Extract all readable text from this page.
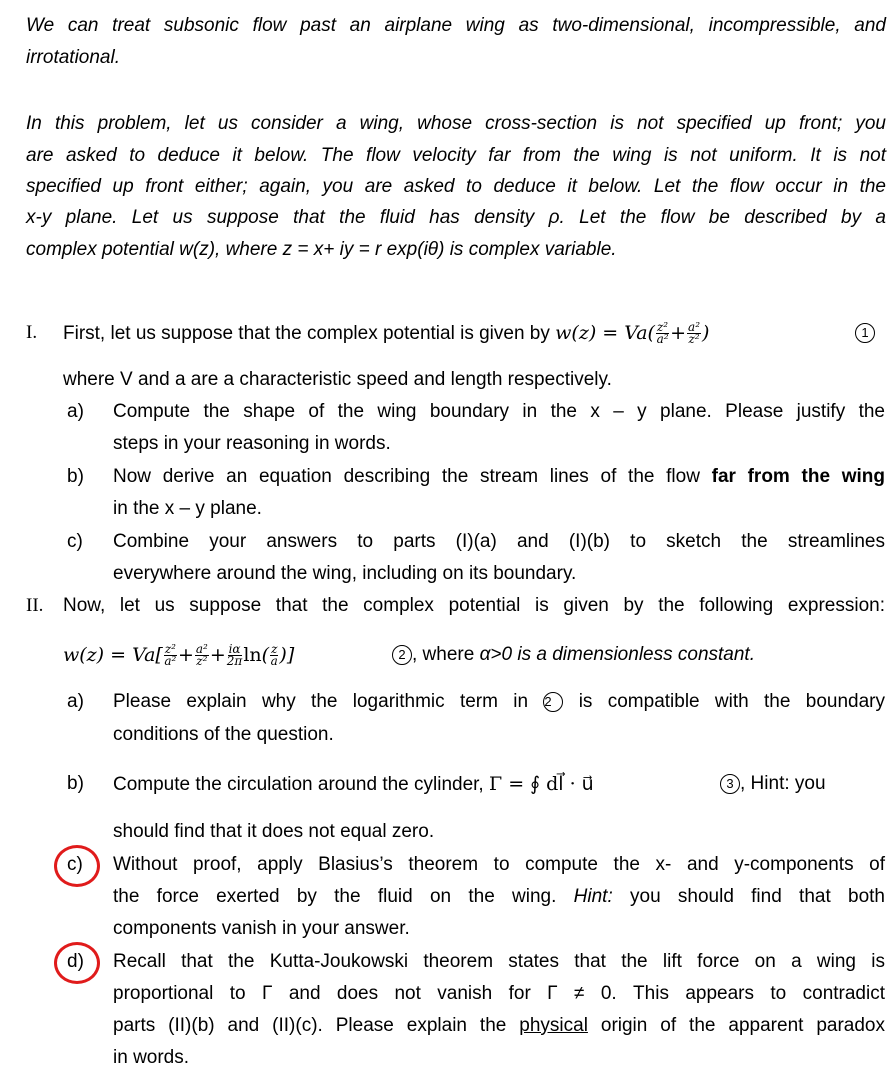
We can treat subsonic flow past an airplane wing as two-dimensional, incompressible, and
irrotational.
In this problem, let us consider a wing, whose cross-section is not specified up front; you
are asked to deduce it below. The flow velocity far from the wing is not uniform. It is not
specified up front either; again, you are asked to deduce it below. Let the flow occur in the
x-y plane. Let us suppose that the fluid has density ρ. Let the flow be described by a
complex potential w(z), where z = x+ iy = r exp(iθ) is complex variable.
I. First, let us suppose that the complex potential is given by $w(z) = Va( \frac{\text{z²}}{\text{a²}} + \frac{\text{a²}}{\text{z²}}$ )	1
where V and a are a characteristic speed and length respectively.
a) Compute the shape of the wing boundary in the x – y plane. Please justify the
steps in your reasoning in words.
b) Now derive an equation describing the stream lines of the flow far from the wing
in the x – y plane.
c) Combine your answers to parts (I)(a) and (I)(b) to sketch the streamlines
everywhere around the wing, including on its boundary.
II. Now, let us suppose that the complex potential is given by the following expression:
$w(z) = Va[ \frac{\text{z²}}{\text{a²}} + \frac{\text{a²}}{\text{z²}} + \frac{i\alpha}{2\pi} \ln( \frac{z}{a}$ )]	2 , where α>0 is a dimensionless constant.
a) Please explain why the logarithmic term in 2 is compatible with the boundary
conditions of the question.
b) Compute the circulation around the cylinder, Γ = ∮ dl⃗ · u⃗	3 , Hint: you
should find that it does not equal zero.
c) Without proof, apply Blasius’s theorem to compute the x- and y-components of
the force exerted by the fluid on the wing. Hint: you should find that both
components vanish in your answer.
d) Recall that the Kutta-Joukowski theorem states that the lift force on a wing is
proportional to Γ and does not vanish for Γ ≠ 0. This appears to contradict
parts (II)(b) and (II)(c). Please explain the physical origin of the apparent paradox
in words.
